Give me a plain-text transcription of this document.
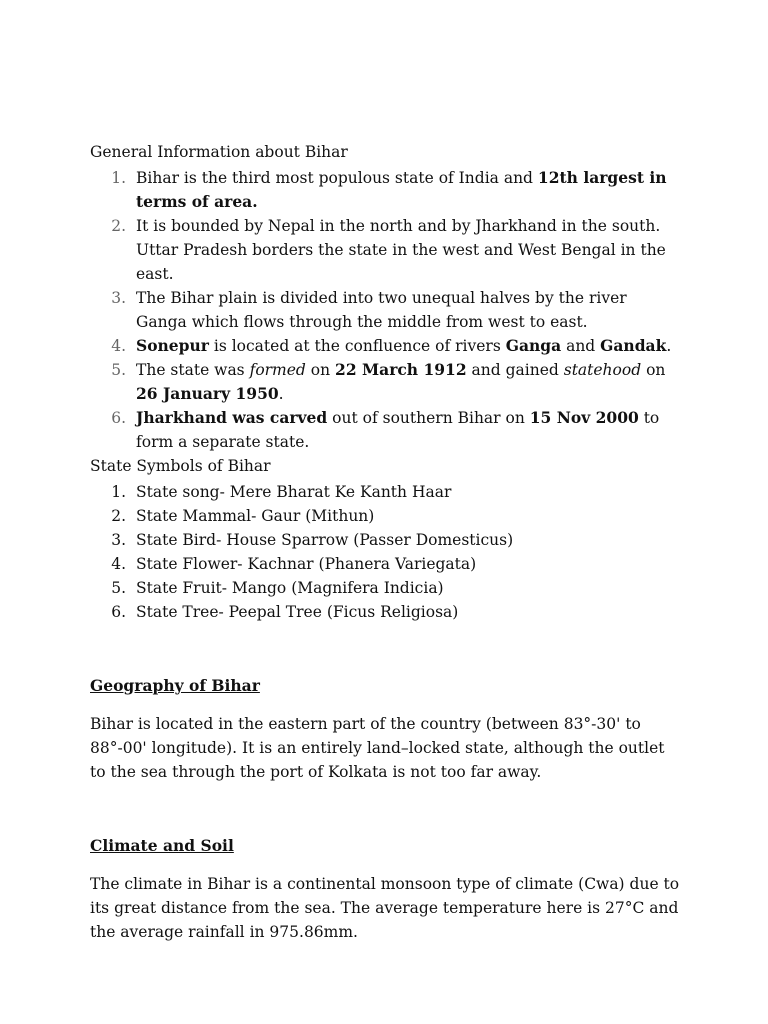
General Information about Bihar

1. Bihar is the third most populous state of India and 12th largest in terms of area.
2. It is bounded by Nepal in the north and by Jharkhand in the south. Uttar Pradesh borders the state in the west and West Bengal in the east.
3. The Bihar plain is divided into two unequal halves by the river Ganga which flows through the middle from west to east.
4. Sonepur is located at the confluence of rivers Ganga and Gandak.
5. The state was formed on 22 March 1912 and gained statehood on 26 January 1950.
6. Jharkhand was carved out of southern Bihar on 15 Nov 2000 to form a separate state.

State Symbols of Bihar

1. State song- Mere Bharat Ke Kanth Haar
2. State Mammal- Gaur (Mithun)
3. State Bird- House Sparrow (Passer Domesticus)
4. State Flower- Kachnar (Phanera Variegata)
5. State Fruit- Mango (Magnifera Indicia)
6. State Tree- Peepal Tree (Ficus Religiosa)

Geography of Bihar

Bihar is located in the eastern part of the country (between 83°-30' to 88°-00' longitude). It is an entirely land–locked state, although the outlet to the sea through the port of Kolkata is not too far away.

Climate and Soil

The climate in Bihar is a continental monsoon type of climate (Cwa) due to its great distance from the sea. The average temperature here is 27°C and the average rainfall in 975.86mm.
